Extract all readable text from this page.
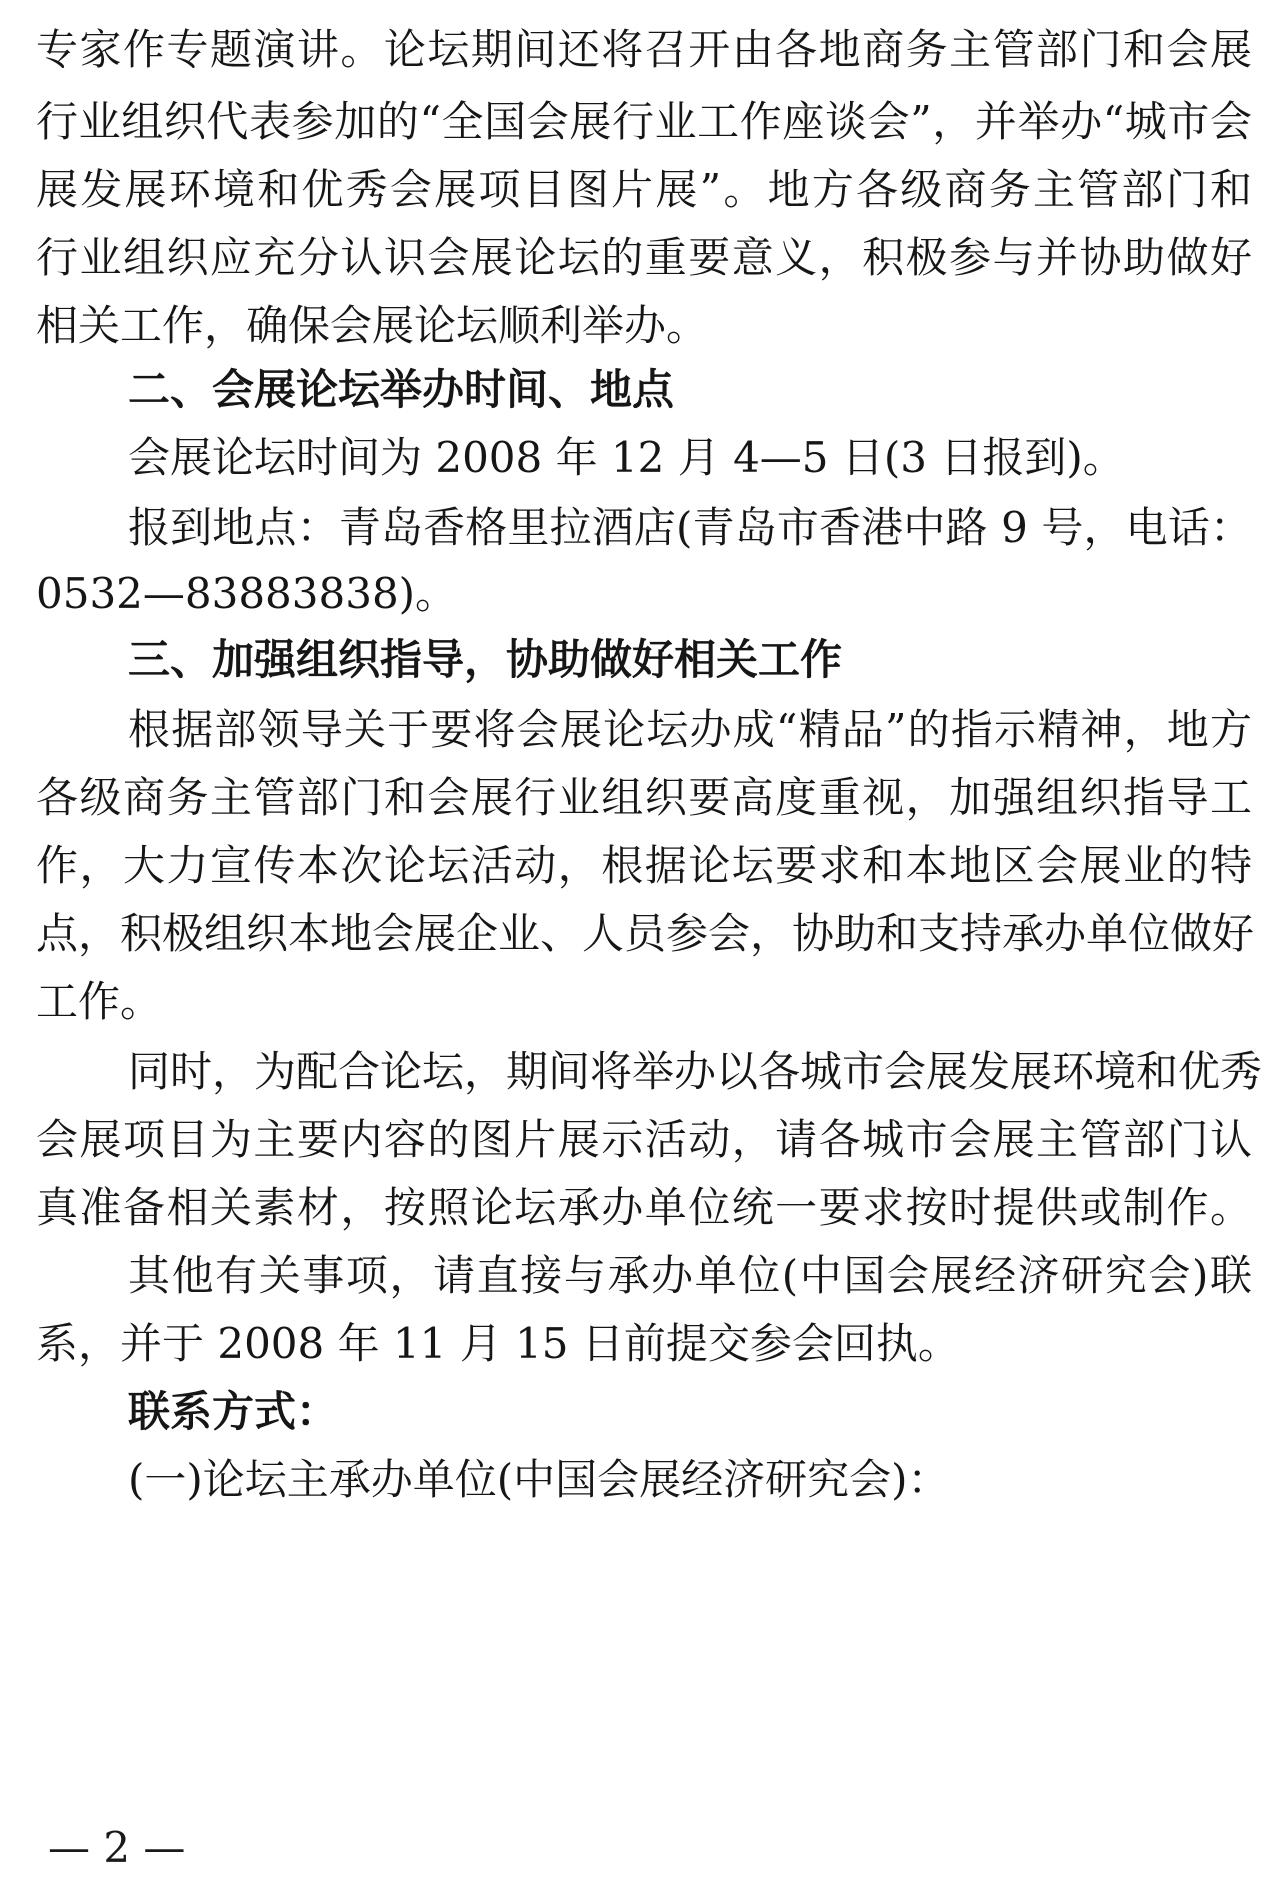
专家作专题演讲。论坛期间还将召开由各地商务主管部门和会展

行业组织代表参加的“全国会展行业工作座谈会”，并举办“城市会

展发展环境和优秀会展项目图片展”。地方各级商务主管部门和

行业组织应充分认识会展论坛的重要意义，积极参与并协助做好

相关工作，确保会展论坛顺利举办。

二、会展论坛举办时间、地点

会展论坛时间为 2008 年 12 月 4—5 日(3 日报到)。

报到地点：青岛香格里拉酒店(青岛市香港中路 9 号，电话：

0532—83883838)。

三、加强组织指导，协助做好相关工作

根据部领导关于要将会展论坛办成“精品”的指示精神，地方

各级商务主管部门和会展行业组织要高度重视，加强组织指导工

作，大力宣传本次论坛活动，根据论坛要求和本地区会展业的特

点，积极组织本地会展企业、人员参会，协助和支持承办单位做好

工作。

同时，为配合论坛，期间将举办以各城市会展发展环境和优秀

会展项目为主要内容的图片展示活动，请各城市会展主管部门认

真准备相关素材，按照论坛承办单位统一要求按时提供或制作。

其他有关事项，请直接与承办单位(中国会展经济研究会)联

系，并于 2008 年 11 月 15 日前提交参会回执。

联系方式：

(一)论坛主承办单位(中国会展经济研究会)：

— 2 —
